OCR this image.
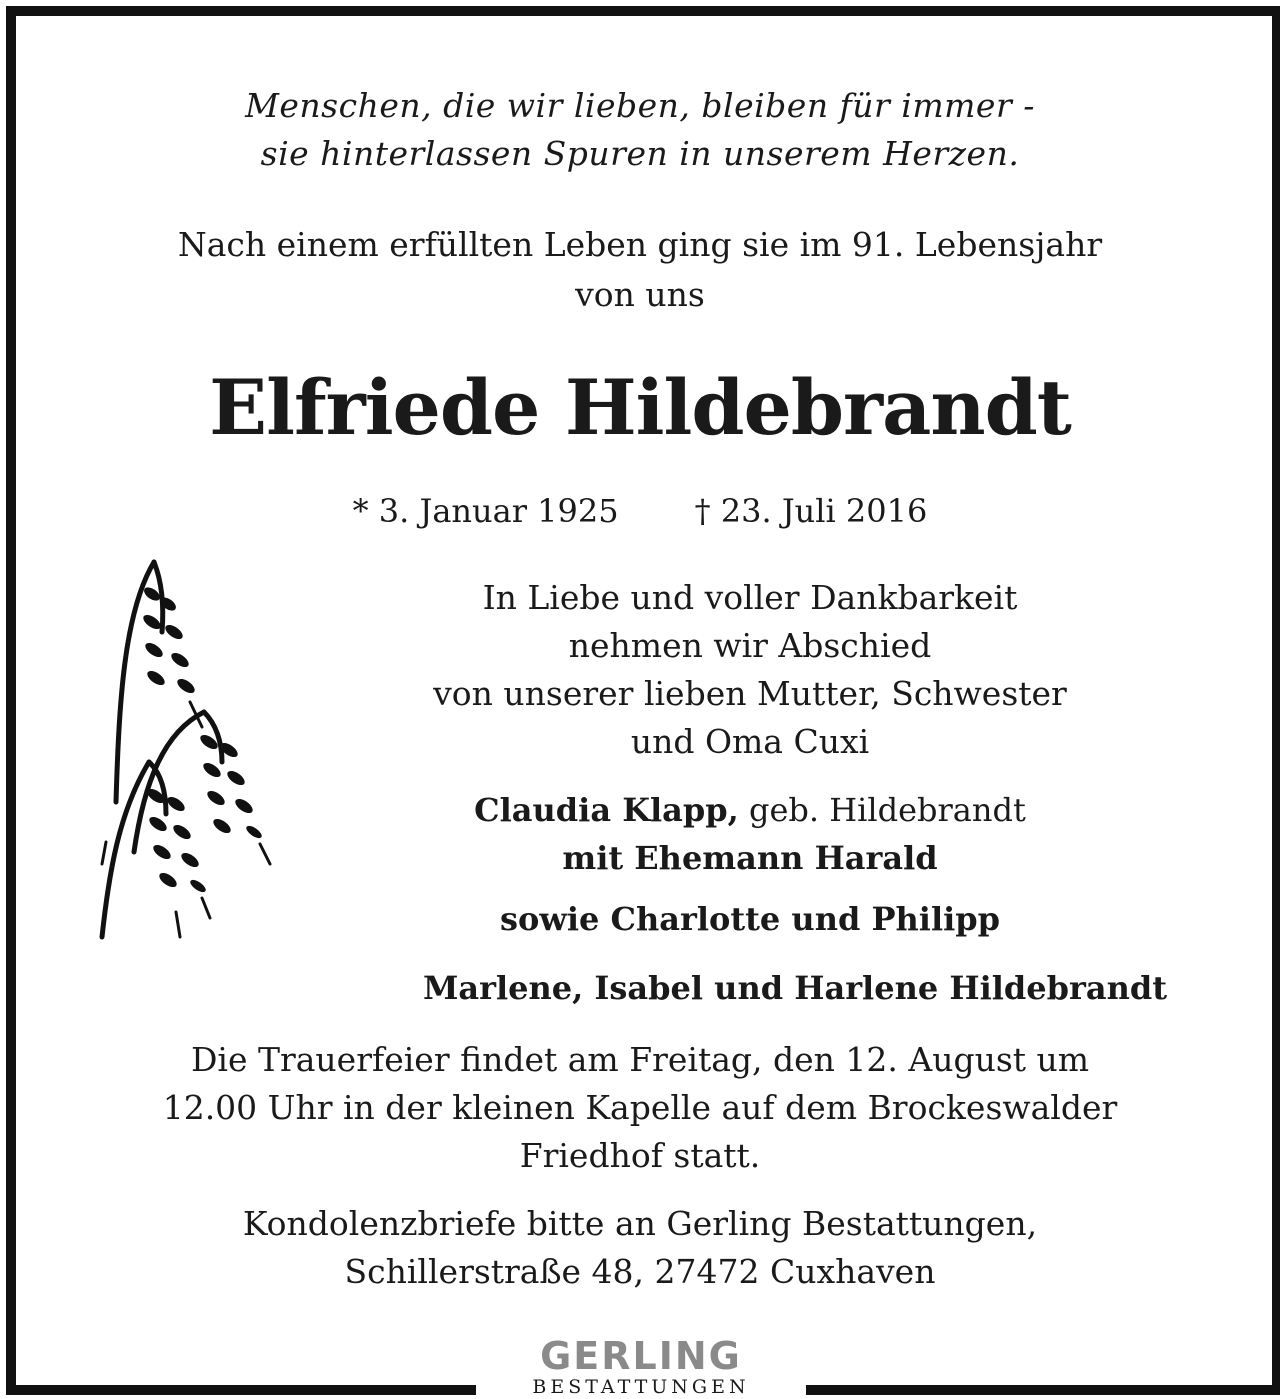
Menschen, die wir lieben, bleiben für immer -
sie hinterlassen Spuren in unserem Herzen.
Nach einem erfüllten Leben ging sie im 91. Lebensjahr
von uns
Elfriede Hildebrandt
* 3. Januar 1925 † 23. Juli 2016
In Liebe und voller Dankbarkeit
nehmen wir Abschied
von unserer lieben Mutter, Schwester
und Oma Cuxi
Claudia Klapp, geb. Hildebrandt
mit Ehemann Harald
sowie Charlotte und Philipp
Marlene, Isabel und Harlene Hildebrandt
Die Trauerfeier findet am Freitag, den 12. August um
12.00 Uhr in der kleinen Kapelle auf dem Brockeswalder
Friedhof statt.
Kondolenzbriefe bitte an Gerling Bestattungen,
Schillerstraße 48, 27472 Cuxhaven
GERLING
BESTATTUNGEN
